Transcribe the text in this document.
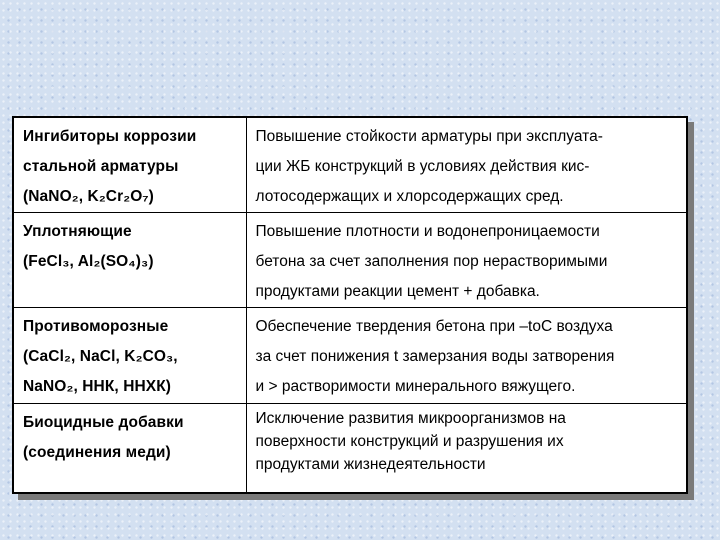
Ингибиторы коррозии
стальной арматуры
(NaNO₂, K₂Cr₂O₇)	Повышение стойкости арматуры при эксплуата-
ции ЖБ конструкций в условиях действия кис-
лотосодержащих и хлорсодержащих сред.

Уплотняющие
(FeCl₃, Al₂(SO₄)₃)	Повышение плотности и водонепроницаемости
бетона за счет заполнения пор нерастворимыми
продуктами реакции цемент + добавка.

Противоморозные
(CaCl₂, NaCl, K₂CO₃,
NaNO₂, ННК, ННХК)	Обеспечение твердения бетона при –toC воздуха
за счет понижения t замерзания воды затворения
и > растворимости минерального вяжущего.

Биоцидные добавки
(соединения меди)	Исключение развития микроорганизмов на
поверхности конструкций и разрушения их
продуктами жизнедеятельности
